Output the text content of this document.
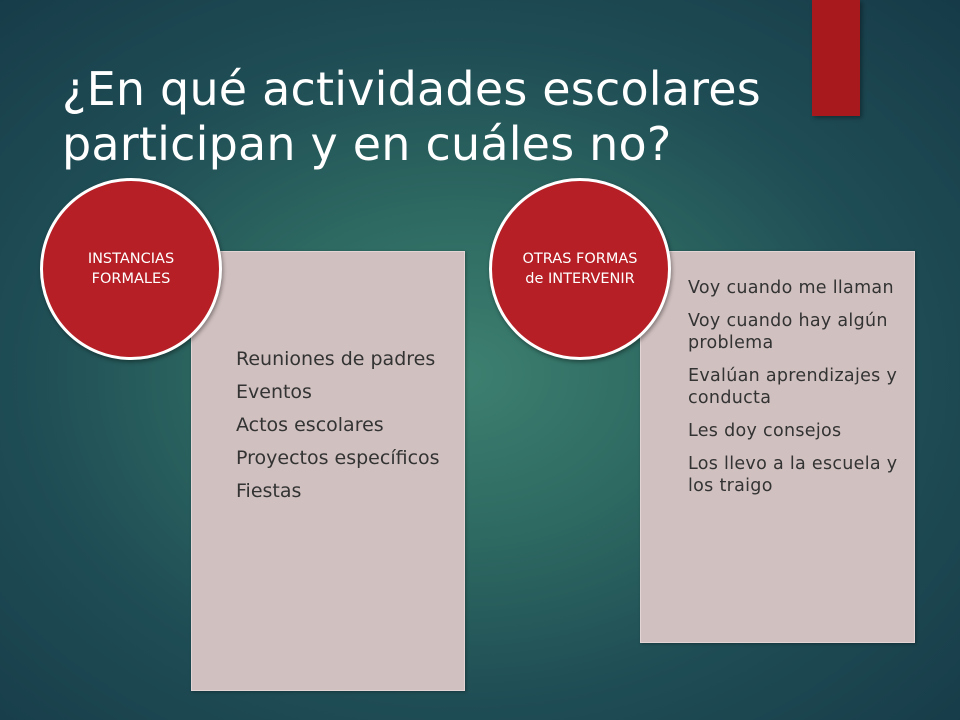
¿En qué actividades escolares participan y en cuáles no?
Reuniones de padres
Eventos
Actos escolares
Proyectos específicos
Fiestas
Voy cuando me llaman
Voy cuando hay algún problema
Evalúan aprendizajes y conducta
Les doy consejos
Los llevo a la escuela y los traigo
INSTANCIAS FORMALES
OTRAS FORMAS de INTERVENIR
